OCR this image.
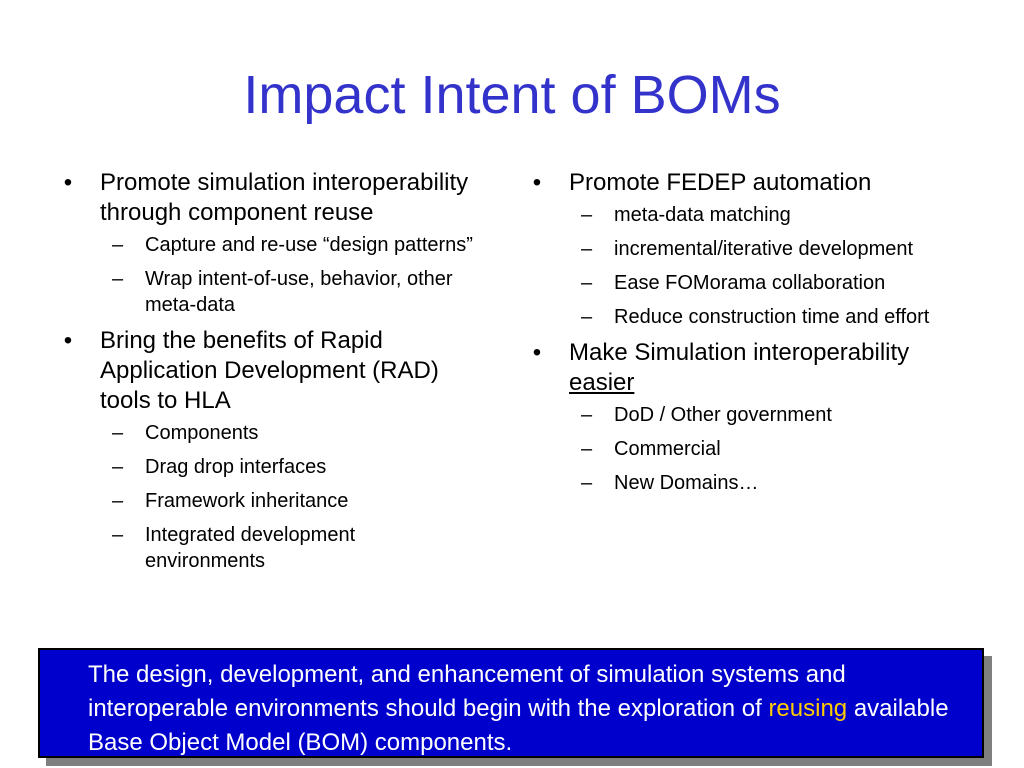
Impact Intent of BOMs
• Promote simulation interoperability through component reuse
– Capture and re-use “design patterns”
– Wrap intent-of-use, behavior, other meta-data
• Bring the benefits of Rapid Application Development (RAD) tools to HLA
– Components
– Drag drop interfaces
– Framework inheritance
– Integrated development environments
• Promote FEDEP automation
– meta-data matching
– incremental/iterative development
– Ease FOMorama collaboration
– Reduce construction time and effort
• Make Simulation interoperability easier
– DoD / Other government
– Commercial
– New Domains…
The design, development, and enhancement of simulation systems and interoperable environments should begin with the exploration of reusing available Base Object Model (BOM) components.
